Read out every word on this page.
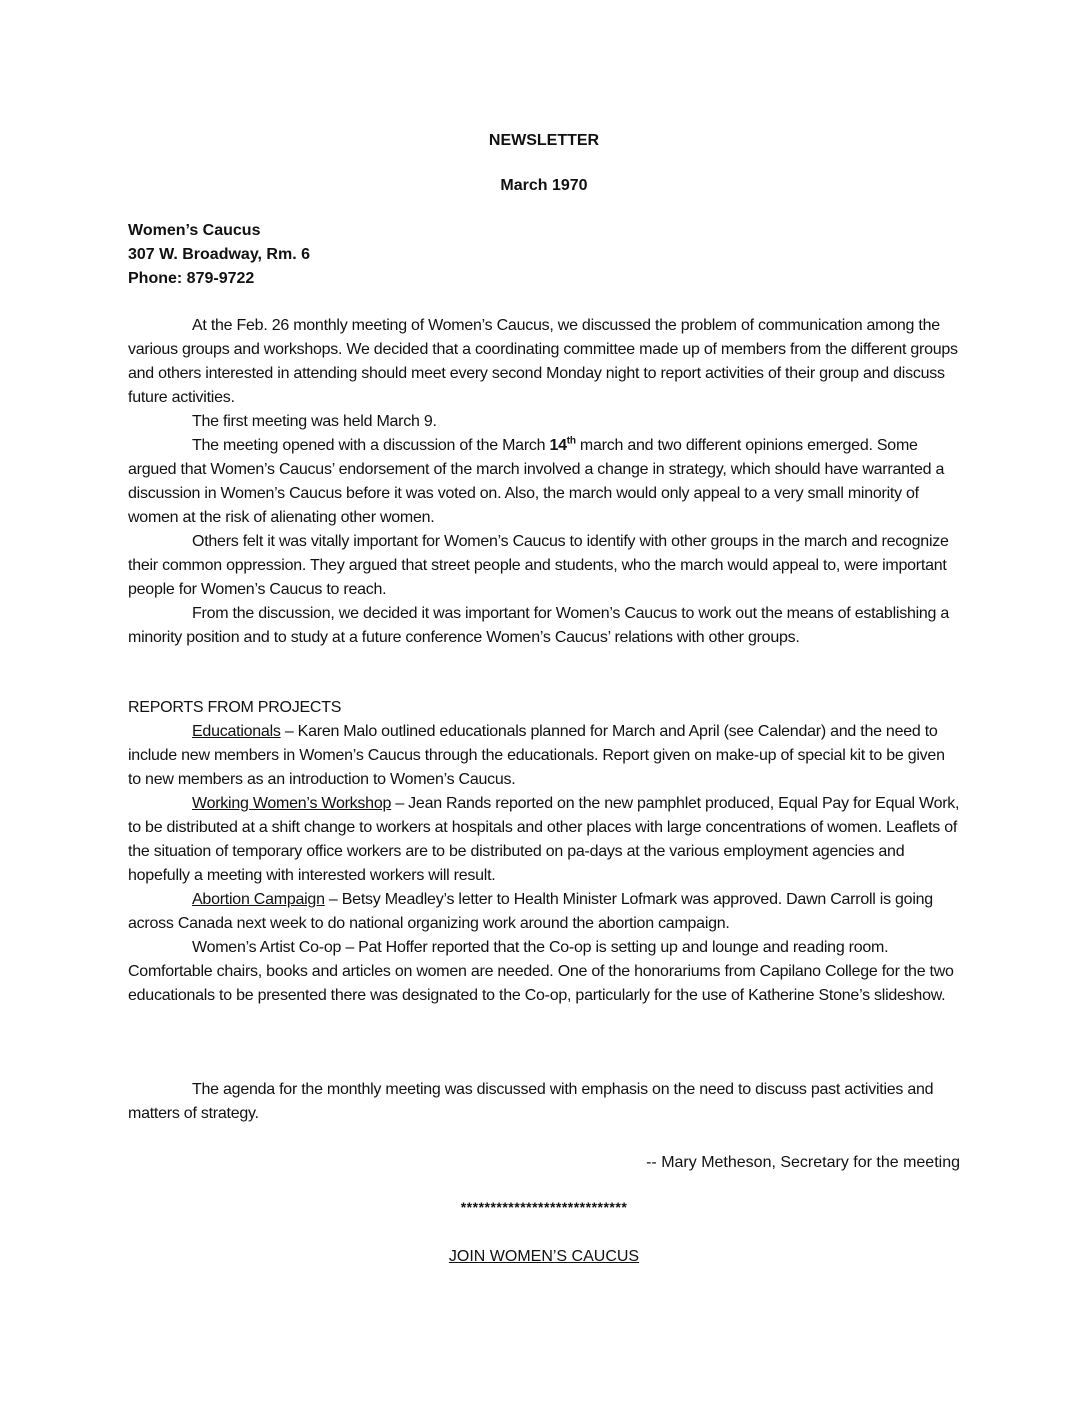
NEWSLETTER
March 1970
Women’s Caucus
307 W. Broadway, Rm. 6
Phone: 879-9722

At the Feb. 26 monthly meeting of Women’s Caucus, we discussed the problem of communication among the various groups and workshops. We decided that a coordinating committee made up of members from the different groups and others interested in attending should meet every second Monday night to report activities of their group and discuss future activities.

The first meeting was held March 9.

The meeting opened with a discussion of the March 14th march and two different opinions emerged. Some argued that Women’s Caucus’ endorsement of the march involved a change in strategy, which should have warranted a discussion in Women’s Caucus before it was voted on. Also, the march would only appeal to a very small minority of women at the risk of alienating other women.

Others felt it was vitally important for Women’s Caucus to identify with other groups in the march and recognize their common oppression. They argued that street people and students, who the march would appeal to, were important people for Women’s Caucus to reach.

From the discussion, we decided it was important for Women’s Caucus to work out the means of establishing a minority position and to study at a future conference Women’s Caucus’ relations with other groups.

REPORTS FROM PROJECTS

Educationals – Karen Malo outlined educationals planned for March and April (see Calendar) and the need to include new members in Women’s Caucus through the educationals. Report given on make-up of special kit to be given to new members as an introduction to Women’s Caucus.

Working Women’s Workshop – Jean Rands reported on the new pamphlet produced, Equal Pay for Equal Work, to be distributed at a shift change to workers at hospitals and other places with large concentrations of women. Leaflets of the situation of temporary office workers are to be distributed on pa-days at the various employment agencies and hopefully a meeting with interested workers will result.

Abortion Campaign – Betsy Meadley’s letter to Health Minister Lofmark was approved. Dawn Carroll is going across Canada next week to do national organizing work around the abortion campaign.

Women’s Artist Co-op – Pat Hoffer reported that the Co-op is setting up and lounge and reading room. Comfortable chairs, books and articles on women are needed. One of the honorariums from Capilano College for the two educationals to be presented there was designated to the Co-op, particularly for the use of Katherine Stone’s slideshow.

The agenda for the monthly meeting was discussed with emphasis on the need to discuss past activities and matters of strategy.

-- Mary Metheson, Secretary for the meeting
****************************
JOIN WOMEN’S CAUCUS
